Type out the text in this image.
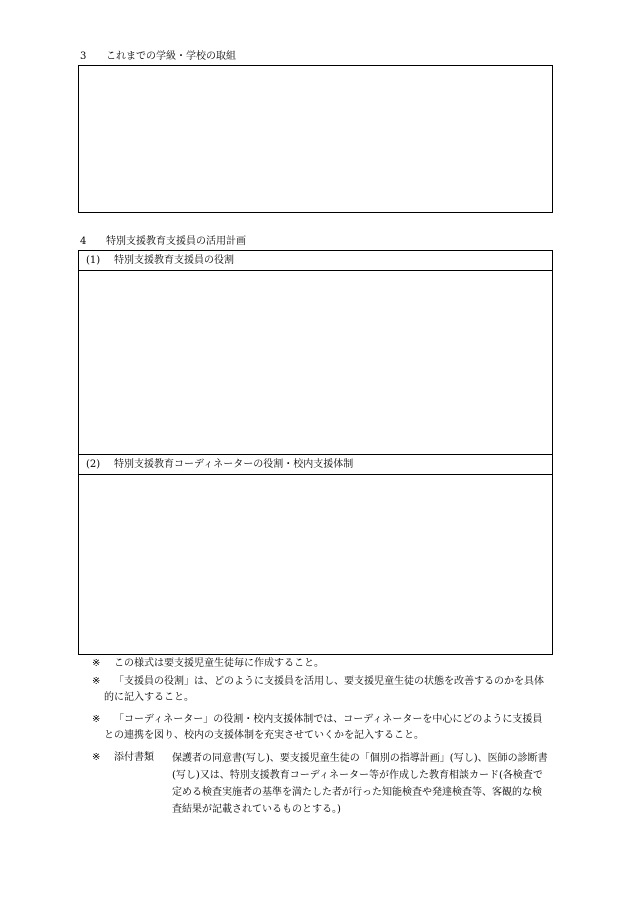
3 これまでの学級・学校の取組
4 特別支援教育支援員の活用計画
(1) 特別支援教育支援員の役割
(2) 特別支援教育コーディネーターの役割・校内支援体制
※ この様式は要支援児童生徒毎に作成すること。
※	「支援員の役割」は、どのように支援員を活用し、要支援児童生徒の状態を改善するのかを具体的に記入すること。
※	「コーディネーター」の役割・校内支援体制では、コーディネーターを中心にどのように支援員との連携を図り、校内の支援体制を充実させていくかを記入すること。
※ 添付書類	保護者の同意書(写し)、要支援児童生徒の「個別の指導計画」(写し)、医師の診断書(写し)又は、特別支援教育コーディネーター等が作成した教育相談カード(各検査で定める検査実施者の基準を満たした者が行った知能検査や発達検査等、客観的な検査結果が記載されているものとする。)
